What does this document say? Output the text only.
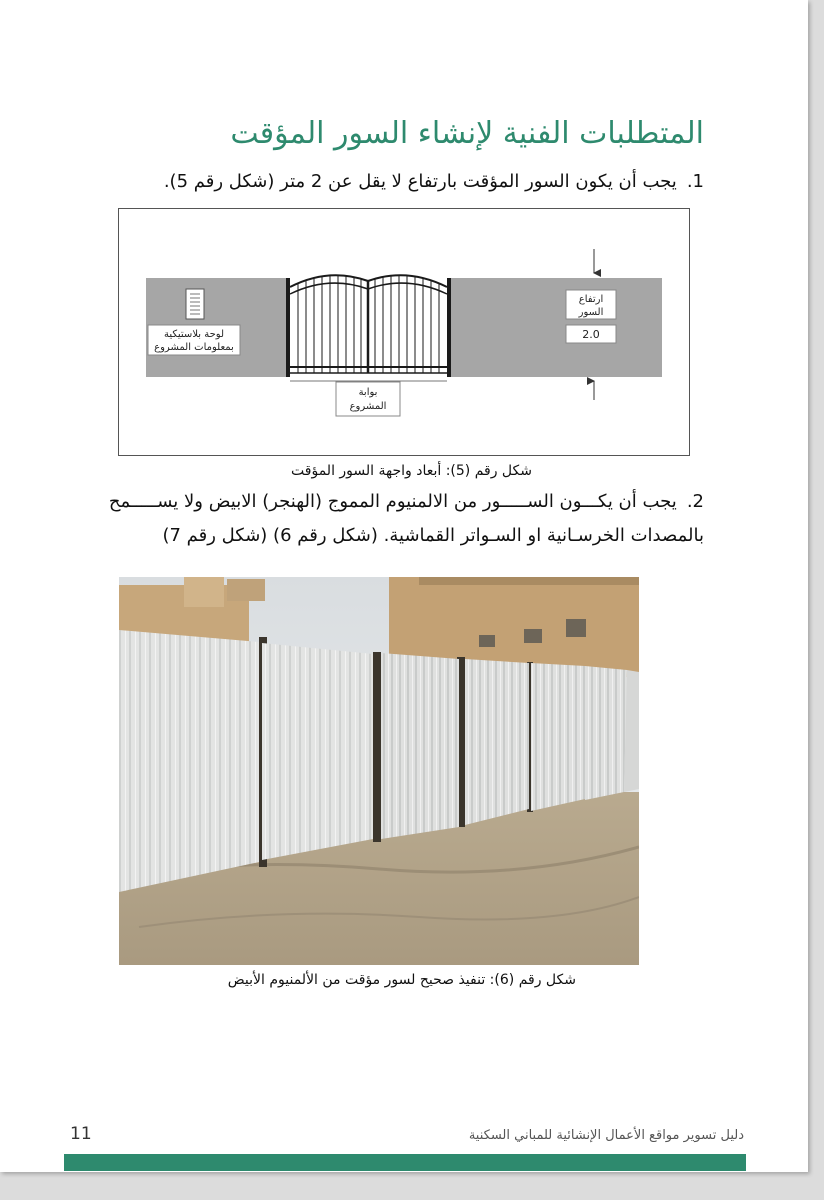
المتطلبات الفنية لإنشاء السور المؤقت
1.يجب أن يكون السور المؤقت بارتفاع لا يقل عن 2 متر (شكل رقم 5).
لوحة بلاستيكية
بمعلومات المشروع
بوابة
المشروع
ارتفاع
السور
2.0
شكل رقم (5): أبعاد واجهة السور المؤقت
2.يجب أن يكـــون الســـــور من الالمنيوم المموج (الهنجر) الابيض ولا يســـــمح بالمصدات الخرسـانية او السـواتر القماشية. (شكل رقم 6) (شكل رقم 7)
شكل رقم (6): تنفيذ صحيح لسور مؤقت من الألمنيوم الأبيض
11	دليل تسوير مواقع الأعمال الإنشائية للمباني السكنية
